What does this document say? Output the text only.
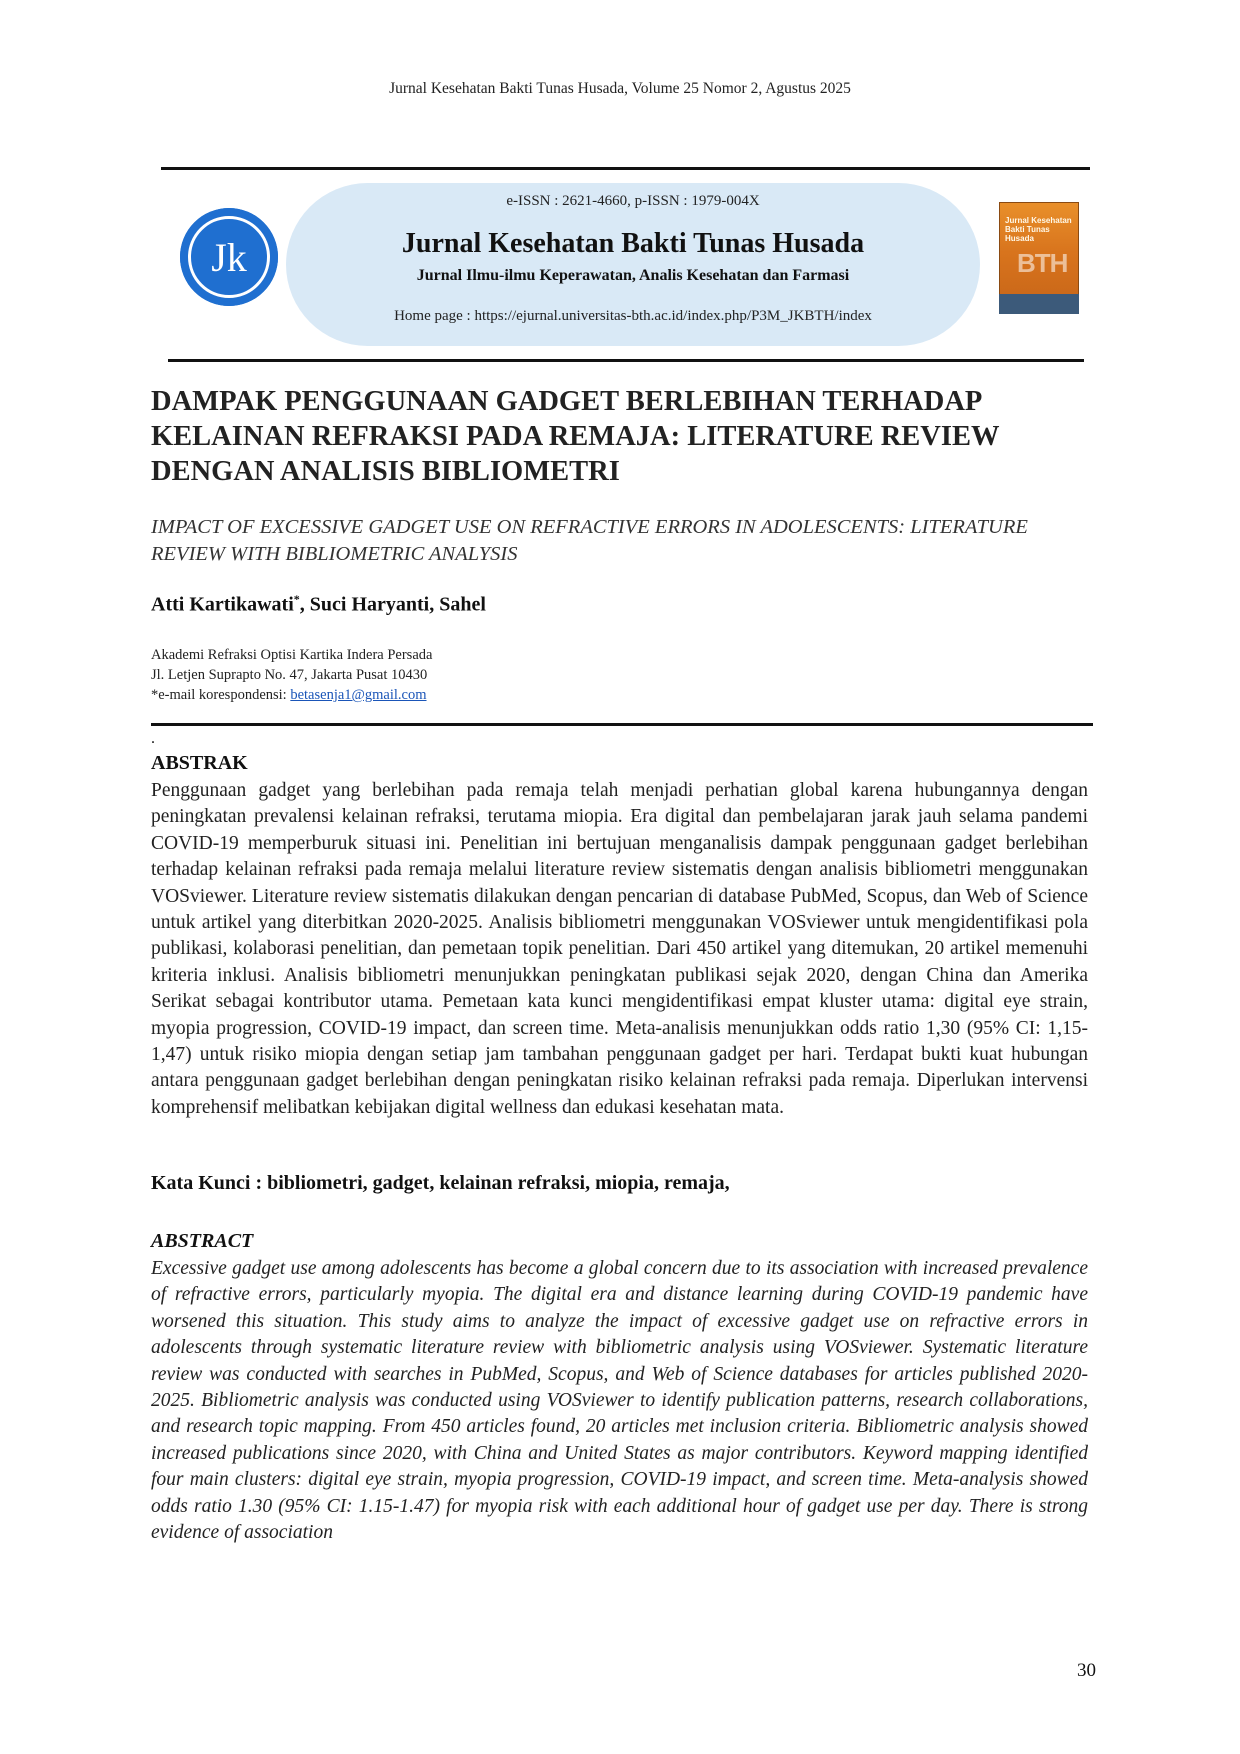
Jurnal Kesehatan Bakti Tunas Husada, Volume 25 Nomor 2, Agustus 2025
Jk
e-ISSN : 2621-4660, p-ISSN : 1979-004X
Jurnal Kesehatan Bakti Tunas Husada
Jurnal Ilmu-ilmu Keperawatan, Analis Kesehatan dan Farmasi
Home page : https://ejurnal.universitas-bth.ac.id/index.php/P3M_JKBTH/index
Jurnal Kesehatan Bakti Tunas Husada
BTH
DAMPAK PENGGUNAAN GADGET BERLEBIHAN TERHADAP KELAINAN REFRAKSI PADA REMAJA: LITERATURE REVIEW DENGAN ANALISIS BIBLIOMETRI
IMPACT OF EXCESSIVE GADGET USE ON REFRACTIVE ERRORS IN ADOLESCENTS: LITERATURE REVIEW WITH BIBLIOMETRIC ANALYSIS
Atti Kartikawati*, Suci Haryanti, Sahel
Akademi Refraksi Optisi Kartika Indera Persada
Jl. Letjen Suprapto No. 47, Jakarta Pusat 10430
*e-mail korespondensi: betasenja1@gmail.com
.
ABSTRAK
Penggunaan gadget yang berlebihan pada remaja telah menjadi perhatian global karena hubungannya dengan peningkatan prevalensi kelainan refraksi, terutama miopia. Era digital dan pembelajaran jarak jauh selama pandemi COVID-19 memperburuk situasi ini. Penelitian ini bertujuan menganalisis dampak penggunaan gadget berlebihan terhadap kelainan refraksi pada remaja melalui literature review sistematis dengan analisis bibliometri menggunakan VOSviewer. Literature review sistematis dilakukan dengan pencarian di database PubMed, Scopus, dan Web of Science untuk artikel yang diterbitkan 2020-2025. Analisis bibliometri menggunakan VOSviewer untuk mengidentifikasi pola publikasi, kolaborasi penelitian, dan pemetaan topik penelitian. Dari 450 artikel yang ditemukan, 20 artikel memenuhi kriteria inklusi. Analisis bibliometri menunjukkan peningkatan publikasi sejak 2020, dengan China dan Amerika Serikat sebagai kontributor utama. Pemetaan kata kunci mengidentifikasi empat kluster utama: digital eye strain, myopia progression, COVID-19 impact, dan screen time. Meta-analisis menunjukkan odds ratio 1,30 (95% CI: 1,15-1,47) untuk risiko miopia dengan setiap jam tambahan penggunaan gadget per hari. Terdapat bukti kuat hubungan antara penggunaan gadget berlebihan dengan peningkatan risiko kelainan refraksi pada remaja. Diperlukan intervensi komprehensif melibatkan kebijakan digital wellness dan edukasi kesehatan mata.
Kata Kunci : bibliometri, gadget, kelainan refraksi, miopia, remaja,
ABSTRACT
Excessive gadget use among adolescents has become a global concern due to its association with increased prevalence of refractive errors, particularly myopia. The digital era and distance learning during COVID-19 pandemic have worsened this situation. This study aims to analyze the impact of excessive gadget use on refractive errors in adolescents through systematic literature review with bibliometric analysis using VOSviewer. Systematic literature review was conducted with searches in PubMed, Scopus, and Web of Science databases for articles published 2020-2025. Bibliometric analysis was conducted using VOSviewer to identify publication patterns, research collaborations, and research topic mapping. From 450 articles found, 20 articles met inclusion criteria. Bibliometric analysis showed increased publications since 2020, with China and United States as major contributors. Keyword mapping identified four main clusters: digital eye strain, myopia progression, COVID-19 impact, and screen time. Meta-analysis showed odds ratio 1.30 (95% CI: 1.15-1.47) for myopia risk with each additional hour of gadget use per day. There is strong evidence of association
30
